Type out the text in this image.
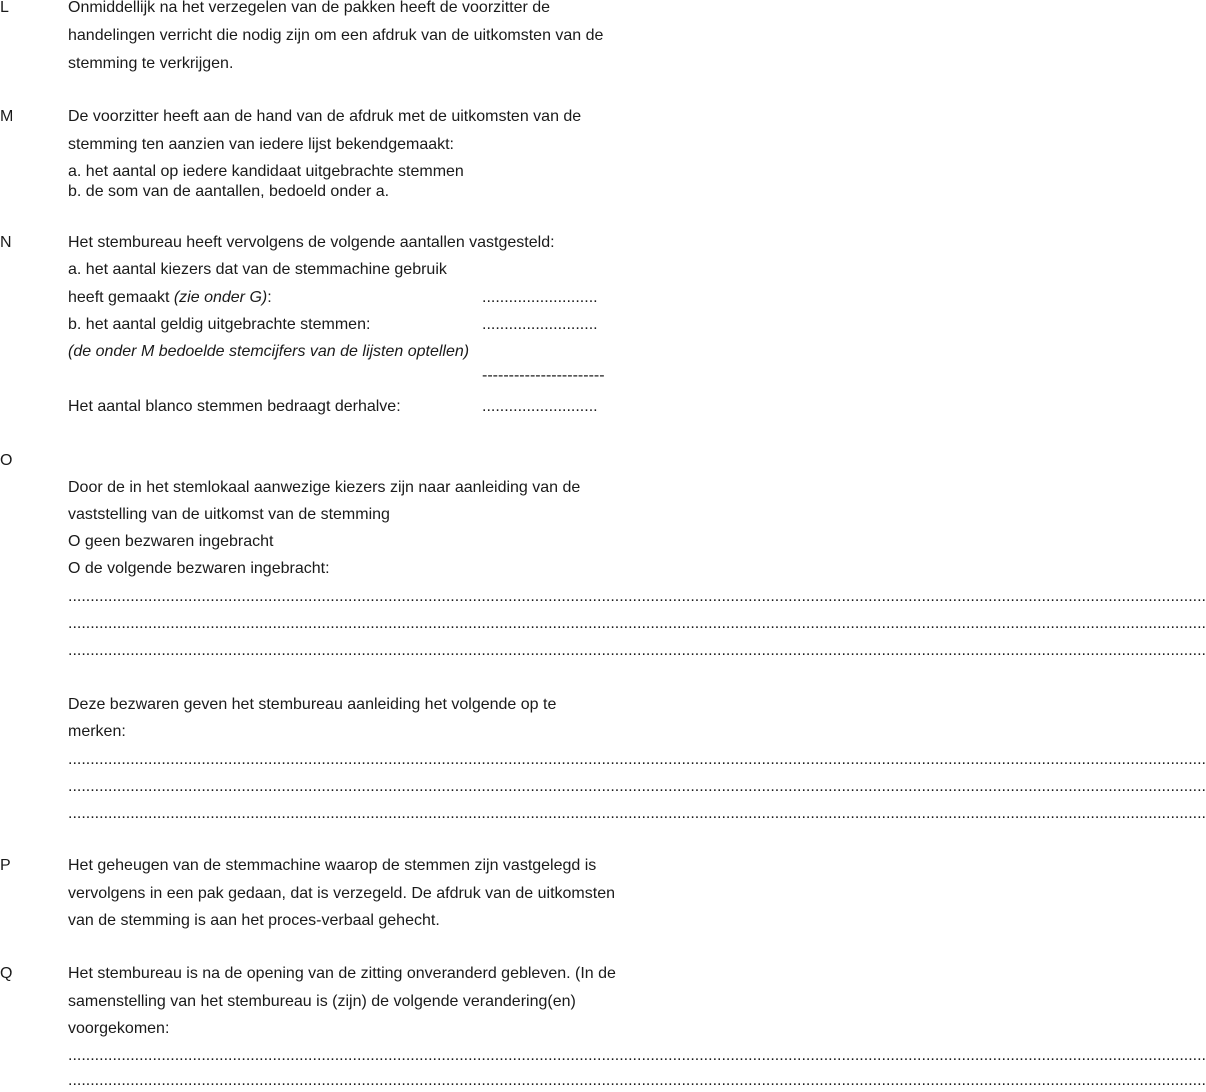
L	Onmiddellijk na het verzegelen van de pakken heeft de voorzitter de
handelingen verricht die nodig zijn om een afdruk van de uitkomsten van de
stemming te verkrijgen.
M	De voorzitter heeft aan de hand van de afdruk met de uitkomsten van de
stemming ten aanzien van iedere lijst bekendgemaakt:
a. het aantal op iedere kandidaat uitgebrachte stemmen
b. de som van de aantallen, bedoeld onder a.
N	Het stembureau heeft vervolgens de volgende aantallen vastgesteld:
a. het aantal kiezers dat van de stemmachine gebruik
heeft gemaakt (zie onder G):	..........................
b. het aantal geldig uitgebrachte stemmen:	..........................
(de onder M bedoelde stemcijfers van de lijsten optellen)
-----------------------
Het aantal blanco stemmen bedraagt derhalve:	..........................
O
Door de in het stemlokaal aanwezige kiezers zijn naar aanleiding van de
vaststelling van de uitkomst van de stemming
O geen bezwaren ingebracht
O de volgende bezwaren ingebracht:
................................................................................................................................................................................................................................................................
................................................................................................................................................................................................................................................................
................................................................................................................................................................................................................................................................
Deze bezwaren geven het stembureau aanleiding het volgende op te
merken:
................................................................................................................................................................................................................................................................
................................................................................................................................................................................................................................................................
................................................................................................................................................................................................................................................................
P	Het geheugen van de stemmachine waarop de stemmen zijn vastgelegd is
vervolgens in een pak gedaan, dat is verzegeld. De afdruk van de uitkomsten
van de stemming is aan het proces-verbaal gehecht.
Q	Het stembureau is na de opening van de zitting onveranderd gebleven. (In de
samenstelling van het stembureau is (zijn) de volgende verandering(en)
voorgekomen:
................................................................................................................................................................................................................................................................
................................................................................................................................................................................................................................................................
